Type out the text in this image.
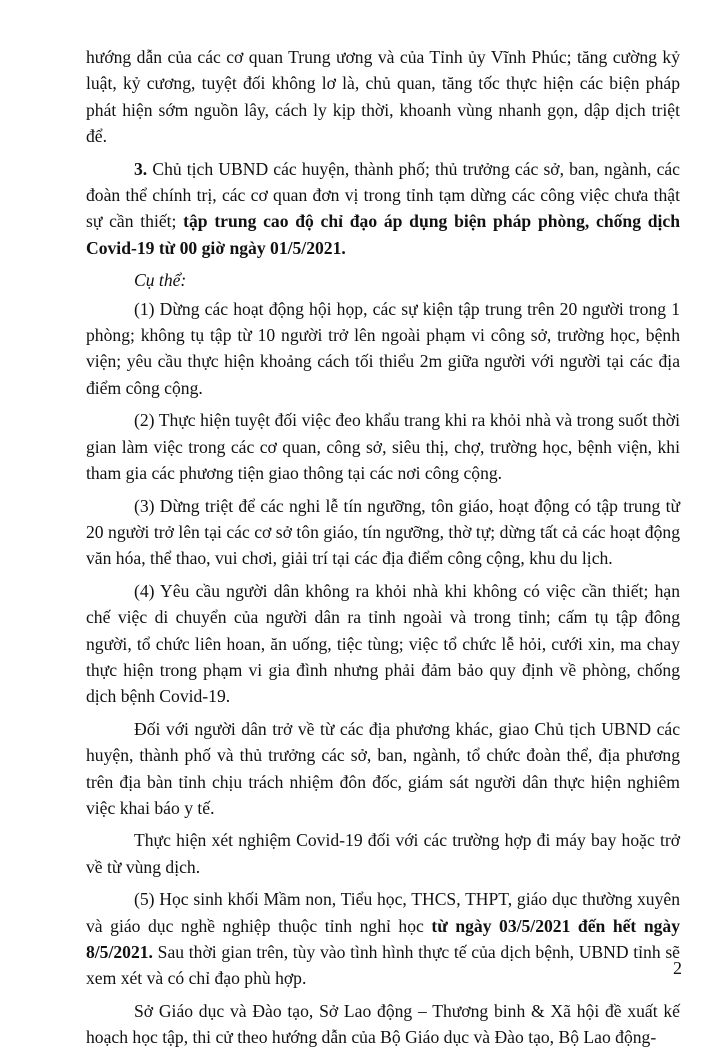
hướng dẫn của các cơ quan Trung ương và của Tỉnh ủy Vĩnh Phúc; tăng cường kỷ luật, kỷ cương, tuyệt đối không lơ là, chủ quan, tăng tốc thực hiện các biện pháp phát hiện sớm nguồn lây, cách ly kịp thời, khoanh vùng nhanh gọn, dập dịch triệt để.

3. Chủ tịch UBND các huyện, thành phố; thủ trưởng các sở, ban, ngành, các đoàn thể chính trị, các cơ quan đơn vị trong tỉnh tạm dừng các công việc chưa thật sự cần thiết; tập trung cao độ chỉ đạo áp dụng biện pháp phòng, chống dịch Covid-19 từ 00 giờ ngày 01/5/2021.

Cụ thể:

(1) Dừng các hoạt động hội họp, các sự kiện tập trung trên 20 người trong 1 phòng; không tụ tập từ 10 người trở lên ngoài phạm vi công sở, trường học, bệnh viện; yêu cầu thực hiện khoảng cách tối thiểu 2m giữa người với người tại các địa điểm công cộng.

(2) Thực hiện tuyệt đối việc đeo khẩu trang khi ra khỏi nhà và trong suốt thời gian làm việc trong các cơ quan, công sở, siêu thị, chợ, trường học, bệnh viện, khi tham gia các phương tiện giao thông tại các nơi công cộng.

(3) Dừng triệt để các nghi lễ tín ngưỡng, tôn giáo, hoạt động có tập trung từ 20 người trở lên tại các cơ sở tôn giáo, tín ngưỡng, thờ tự; dừng tất cả các hoạt động văn hóa, thể thao, vui chơi, giải trí tại các địa điểm công cộng, khu du lịch.

(4) Yêu cầu người dân không ra khỏi nhà khi không có việc cần thiết; hạn chế việc di chuyển của người dân ra tỉnh ngoài và trong tỉnh; cấm tụ tập đông người, tổ chức liên hoan, ăn uống, tiệc tùng; việc tổ chức lễ hỏi, cưới xin, ma chay thực hiện trong phạm vi gia đình nhưng phải đảm bảo quy định về phòng, chống dịch bệnh Covid-19.

Đối với người dân trở về từ các địa phương khác, giao Chủ tịch UBND các huyện, thành phố và thủ trưởng các sở, ban, ngành, tổ chức đoàn thể, địa phương trên địa bàn tỉnh chịu trách nhiệm đôn đốc, giám sát người dân thực hiện nghiêm việc khai báo y tế.

Thực hiện xét nghiệm Covid-19 đối với các trường hợp đi máy bay hoặc trở về từ vùng dịch.

(5) Học sinh khối Mầm non, Tiểu học, THCS, THPT, giáo dục thường xuyên và giáo dục nghề nghiệp thuộc tỉnh nghỉ học từ ngày 03/5/2021 đến hết ngày 8/5/2021. Sau thời gian trên, tùy vào tình hình thực tế của dịch bệnh, UBND tỉnh sẽ xem xét và có chỉ đạo phù hợp.

Sở Giáo dục và Đào tạo, Sở Lao động – Thương binh & Xã hội đề xuất kế hoạch học tập, thi cử theo hướng dẫn của Bộ Giáo dục và Đào tạo, Bộ Lao động-

2
